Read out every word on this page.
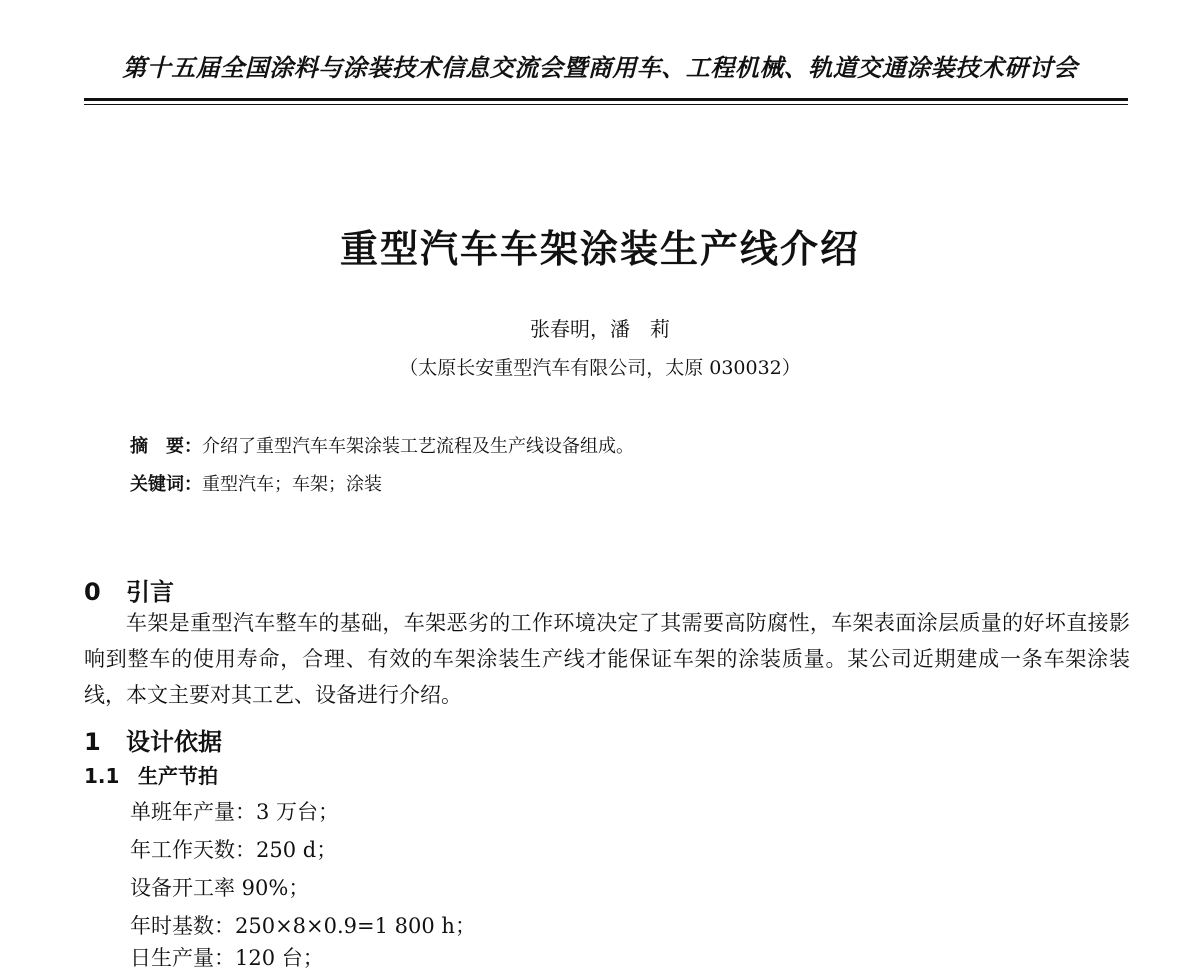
第十五届全国涂料与涂装技术信息交流会暨商用车、工程机械、轨道交通涂装技术研讨会
重型汽车车架涂装生产线介绍
张春明，潘　莉
（太原长安重型汽车有限公司，太原 030032）
摘　要：介绍了重型汽车车架涂装工艺流程及生产线设备组成。
关键词：重型汽车；车架；涂装
0 引言
车架是重型汽车整车的基础，车架恶劣的工作环境决定了其需要高防腐性，车架表面涂层质量的好坏直接影响到整车的使用寿命，合理、有效的车架涂装生产线才能保证车架的涂装质量。某公司近期建成一条车架涂装线，本文主要对其工艺、设备进行介绍。
1 设计依据
1.1 生产节拍
单班年产量：3 万台；
年工作天数：250 d；
设备开工率 90%；
年时基数：250×8×0.9=1 800 h；
日生产量：120 台；
